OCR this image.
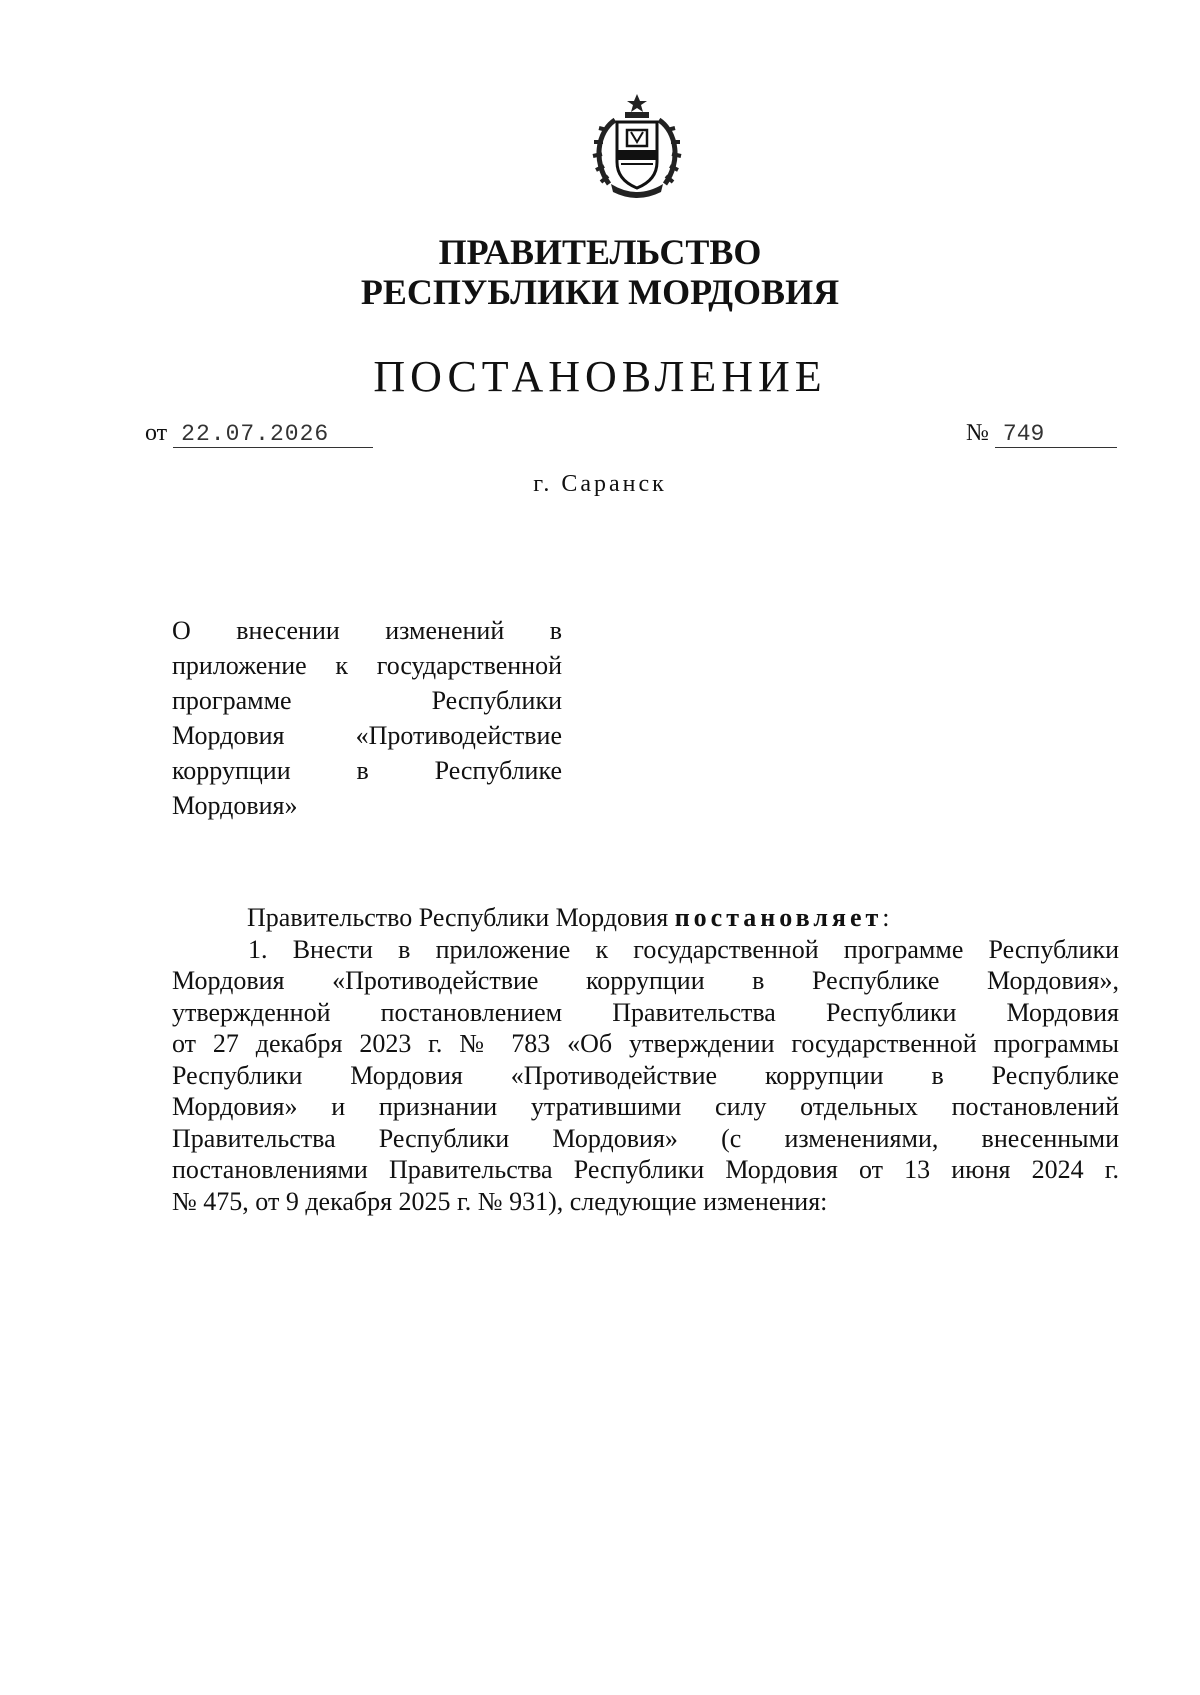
ПРАВИТЕЛЬСТВО
РЕСПУБЛИКИ МОРДОВИЯ
ПОСТАНОВЛЕНИЕ
от 22.07.2026	№ 749
г. Саранск
О внесении изменений в
приложение к государственной
программе Республики
Мордовия «Противодействие
коррупции в Республике
Мордовия»
Правительство Республики Мордовия постановляет:
1. Внести в приложение к государственной программе Республики
Мордовия «Противодействие коррупции в Республике Мордовия»,
утвержденной постановлением Правительства Республики Мордовия
от 27 декабря 2023 г. № 783 «Об утверждении государственной программы
Республики Мордовия «Противодействие коррупции в Республике
Мордовия» и признании утратившими силу отдельных постановлений
Правительства Республики Мордовия» (с изменениями, внесенными
постановлениями Правительства Республики Мордовия от 13 июня 2024 г.
№ 475, от 9 декабря 2025 г. № 931), следующие изменения:
